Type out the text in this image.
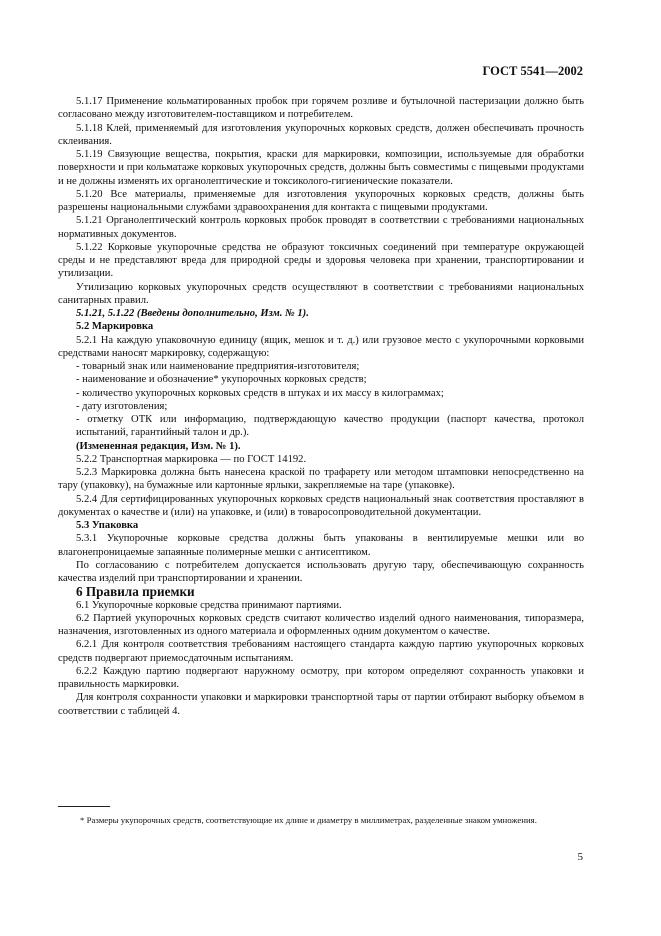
ГОСТ 5541—2002

5.1.17 Применение кольматированных пробок при горячем розливе и бутылочной пастеризации должно быть согласовано между изготовителем-поставщиком и потребителем.

5.1.18 Клей, применяемый для изготовления укупорочных корковых средств, должен обеспечивать прочность склеивания.

5.1.19 Связующие вещества, покрытия, краски для маркировки, композиции, используемые для обработки поверхности и при кольматаже корковых укупорочных средств, должны быть совместимы с пищевыми продуктами и не должны изменять их органолептические и токсиколого-гигиенические показатели.

5.1.20 Все материалы, применяемые для изготовления укупорочных корковых средств, должны быть разрешены национальными службами здравоохранения для контакта с пищевыми продуктами.

5.1.21 Органолептический контроль корковых пробок проводят в соответствии с требованиями национальных нормативных документов.

5.1.22 Корковые укупорочные средства не образуют токсичных соединений при температуре окружающей среды и не представляют вреда для природной среды и здоровья человека при хранении, транспортировании и утилизации.

Утилизацию корковых укупорочных средств осуществляют в соответствии с требованиями национальных санитарных правил.

5.1.21, 5.1.22 (Введены дополнительно, Изм. № 1).

5.2 Маркировка

5.2.1 На каждую упаковочную единицу (ящик, мешок и т. д.) или грузовое место с укупорочными корковыми средствами наносят маркировку, содержащую:

- товарный знак или наименование предприятия-изготовителя;

- наименование и обозначение* укупорочных корковых средств;

- количество укупорочных корковых средств в штуках и их массу в килограммах;

- дату изготовления;

- отметку ОТК или информацию, подтверждающую качество продукции (паспорт качества, протокол испытаний, гарантийный талон и др.).

(Измененная редакция, Изм. № 1).

5.2.2 Транспортная маркировка — по ГОСТ 14192.

5.2.3 Маркировка должна быть нанесена краской по трафарету или методом штамповки непосредственно на тару (упаковку), на бумажные или картонные ярлыки, закрепляемые на таре (упаковке).

5.2.4 Для сертифицированных укупорочных корковых средств национальный знак соответствия проставляют в документах о качестве и (или) на упаковке, и (или) в товаросопроводительной документации.

5.3 Упаковка

5.3.1 Укупорочные корковые средства должны быть упакованы в вентилируемые мешки или во влагонепроницаемые запаянные полимерные мешки с антисептиком.

По согласованию с потребителем допускается использовать другую тару, обеспечивающую сохранность качества изделий при транспортировании и хранении.

6 Правила приемки

6.1 Укупорочные корковые средства принимают партиями.

6.2 Партией укупорочных корковых средств считают количество изделий одного наименования, типоразмера, назначения, изготовленных из одного материала и оформленных одним документом о качестве.

6.2.1 Для контроля соответствия требованиям настоящего стандарта каждую партию укупорочных корковых средств подвергают приемосдаточным испытаниям.

6.2.2 Каждую партию подвергают наружному осмотру, при котором определяют сохранность упаковки и правильность маркировки.

Для контроля сохранности упаковки и маркировки транспортной тары от партии отбирают выборку объемом в соответствии с таблицей 4.

* Размеры укупорочных средств, соответствующие их длине и диаметру в миллиметрах, разделенные знаком умножения.
5
